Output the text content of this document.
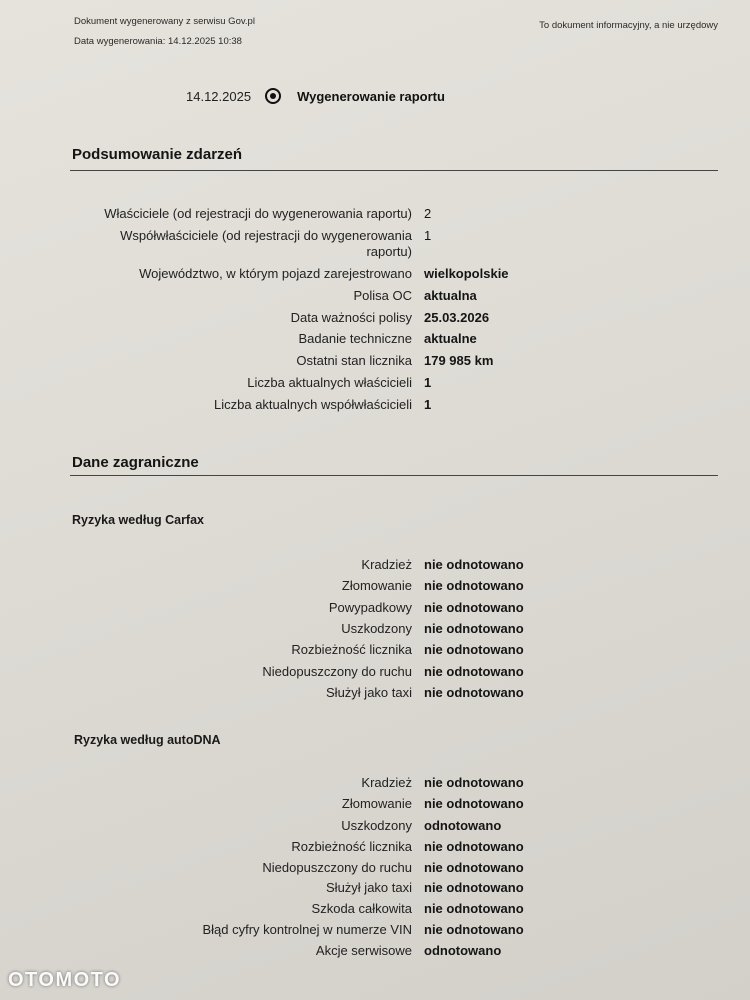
Dokument wygenerowany z serwisu Gov.pl
Data wygenerowania: 14.12.2025 10:38
To dokument informacyjny, a nie urzędowy
14.12.2025	Wygenerowanie raportu
Podsumowanie zdarzeń
Właściciele (od rejestracji do wygenerowania raportu) 2
Współwłaściciele (od rejestracji do wygenerowania raportu)
1
Województwo, w którym pojazd zarejestrowano wielkopolskie
Polisa OC aktualna
Data ważności polisy 25.03.2026
Badanie techniczne aktualne
Ostatni stan licznika 179 985 km
Liczba aktualnych właścicieli 1
Liczba aktualnych współwłaścicieli 1
Dane zagraniczne
Ryzyka według Carfax
Kradzież nie odnotowano
Złomowanie nie odnotowano
Powypadkowy nie odnotowano
Uszkodzony nie odnotowano
Rozbieżność licznika nie odnotowano
Niedopuszczony do ruchu nie odnotowano
Służył jako taxi nie odnotowano
Ryzyka według autoDNA
Kradzież nie odnotowano
Złomowanie nie odnotowano
Uszkodzony odnotowano
Rozbieżność licznika nie odnotowano
Niedopuszczony do ruchu nie odnotowano
Służył jako taxi nie odnotowano
Szkoda całkowita nie odnotowano
Błąd cyfry kontrolnej w numerze VIN nie odnotowano
Akcje serwisowe odnotowano
OTOMOTO
